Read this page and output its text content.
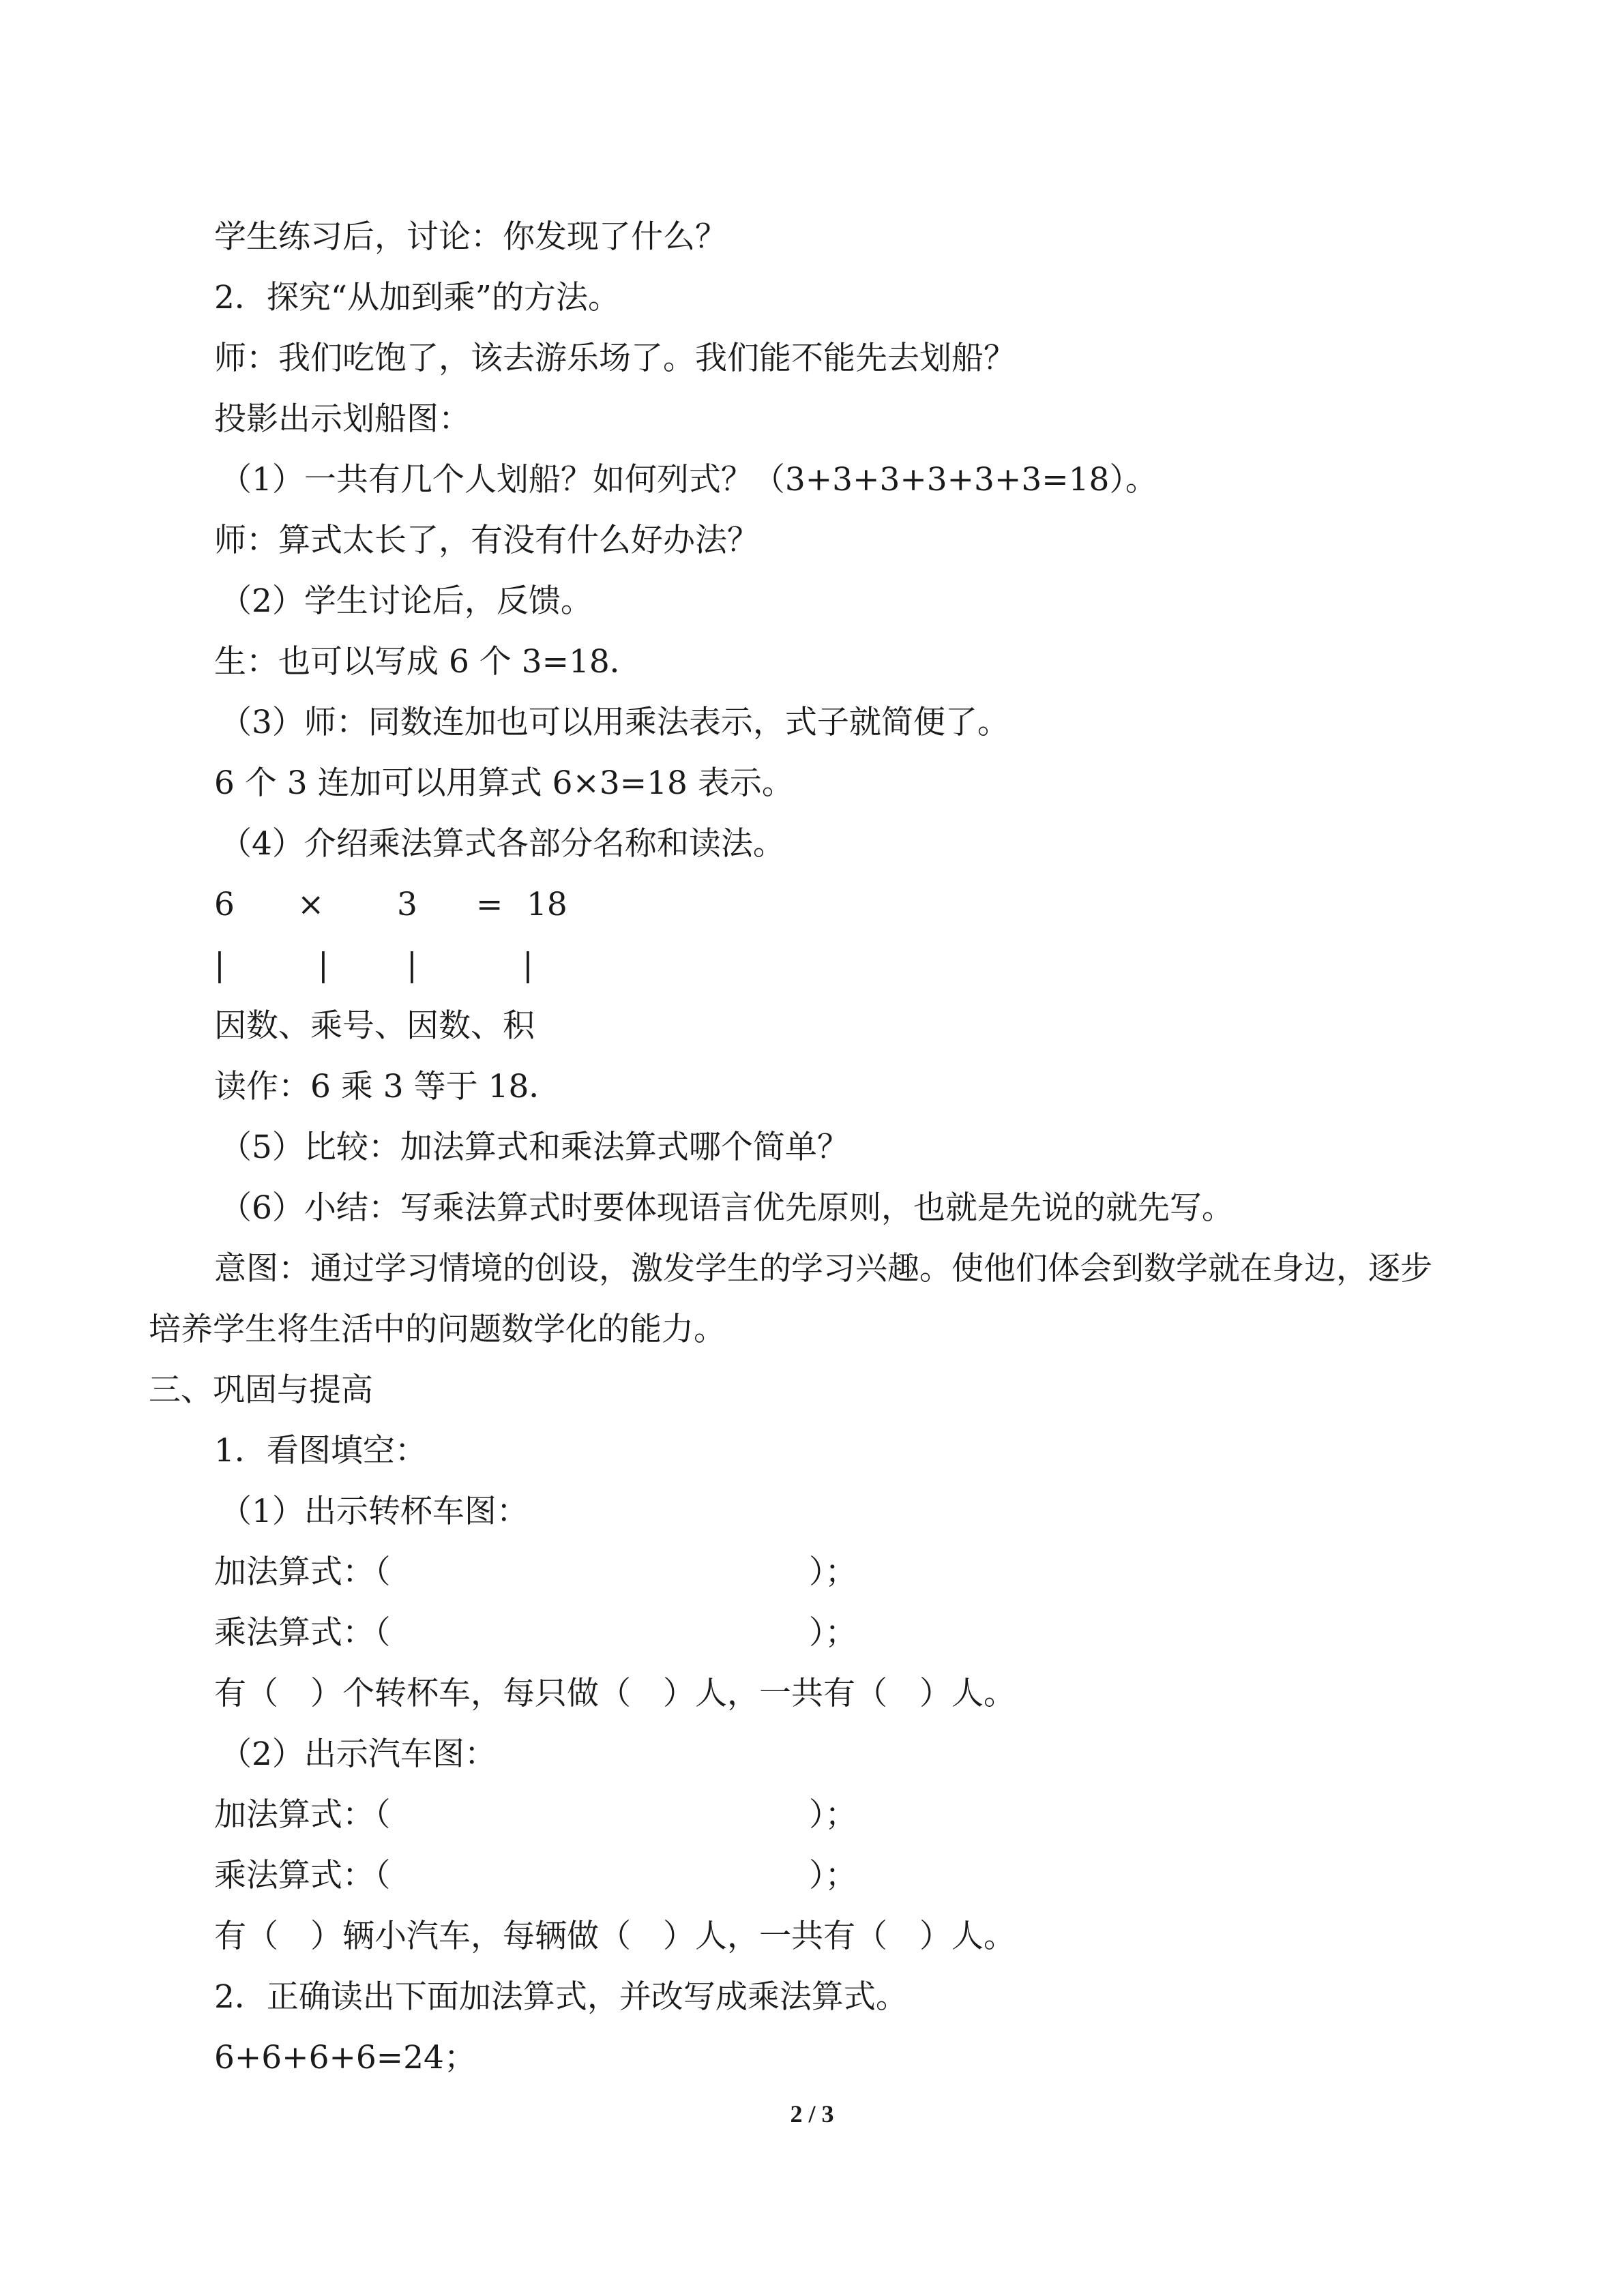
学生练习后，讨论：你发现了什么？
2．探究“从加到乘”的方法。
师：我们吃饱了，该去游乐场了。我们能不能先去划船？
投影出示划船图：
（1）一共有几个人划船？如何列式？（3+3+3+3+3+3=18）。
师：算式太长了，有没有什么好办法？
（2）学生讨论后，反馈。
生：也可以写成 6 个 3=18．
（3）师：同数连加也可以用乘法表示，式子就简便了。
6 个 3 连加可以用算式 6×3=18 表示。
（4）介绍乘法算式各部分名称和读法。

6

×

3

=

18

|

	|

|

	|

因数、乘号、因数、积
读作：6 乘 3 等于 18．
（5）比较：加法算式和乘法算式哪个简单？
（6）小结：写乘法算式时要体现语言优先原则，也就是先说的就先写。
意图：通过学习情境的创设，激发学生的学习兴趣。使他们体会到数学就在身边，逐步
培养学生将生活中的问题数学化的能力。
三、巩固与提高
1．看图填空：
（1）出示转杯车图：

加法算式：（

	）；

乘法算式：（

	）；

有（　）个转杯车，每只做（　）人，一共有（　）人。
（2）出示汽车图：

加法算式：（

	）；

乘法算式：（

	）；

有（　）辆小汽车，每辆做（　）人，一共有（　）人。
2．正确读出下面加法算式，并改写成乘法算式。
6+6+6+6=24；
2 / 3
